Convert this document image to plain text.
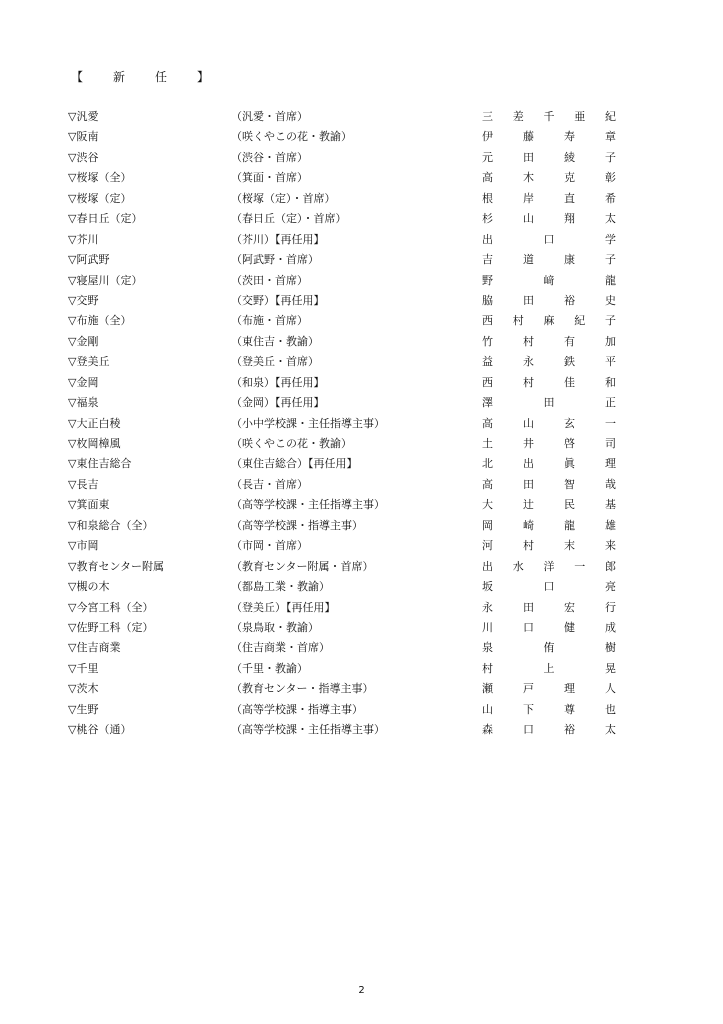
【　新　任　】
▽汎愛	（汎愛・首席）	三 差 千 亜 紀
▽阪南	（咲くやこの花・教諭）	伊 藤 寿 章
▽渋谷	（渋谷・首席）	元 田 綾 子
▽桜塚（全）	（箕面・首席）	高 木 克 彰
▽桜塚（定）	（桜塚（定）・首席）	根 岸 直 希
▽春日丘（定）	（春日丘（定）・首席）	杉 山 翔 太
▽芥川	（芥川）【再任用】	出 口 学
▽阿武野	（阿武野・首席）	吉 道 康 子
▽寝屋川（定）	（茨田・首席）	野 﨑 龍
▽交野	（交野）【再任用】	脇 田 裕 史
▽布施（全）	（布施・首席）	西 村 麻 紀 子
▽金剛	（東住吉・教諭）	竹 村 有 加
▽登美丘	（登美丘・首席）	益 永 鉄 平
▽金岡	（和泉）【再任用】	西 村 佳 和
▽福泉	（金岡）【再任用】	澤 田 正
▽大正白稜	（小中学校課・主任指導主事）	高 山 玄 一
▽枚岡樟風	（咲くやこの花・教諭）	土 井 啓 司
▽東住吉総合	（東住吉総合）【再任用】	北 出 眞 理
▽長吉	（長吉・首席）	高 田 智 哉
▽箕面東	（高等学校課・主任指導主事）	大 辻 民 基
▽和泉総合（全）	（高等学校課・指導主事）	岡 崎 龍 雄
▽市岡	（市岡・首席）	河 村 末 来
▽教育センター附属	（教育センター附属・首席）	出 水 洋 一 郎
▽槻の木	（都島工業・教諭）	坂 口 亮
▽今宮工科（全）	（登美丘）【再任用】	永 田 宏 行
▽佐野工科（定）	（泉鳥取・教諭）	川 口 健 成
▽住吉商業	（住吉商業・首席）	泉 侑 樹
▽千里	（千里・教諭）	村 上 晃
▽茨木	（教育センター・指導主事）	瀬 戸 理 人
▽生野	（高等学校課・指導主事）	山 下 尊 也
▽桃谷（通）	（高等学校課・主任指導主事）	森 口 裕 太
2
